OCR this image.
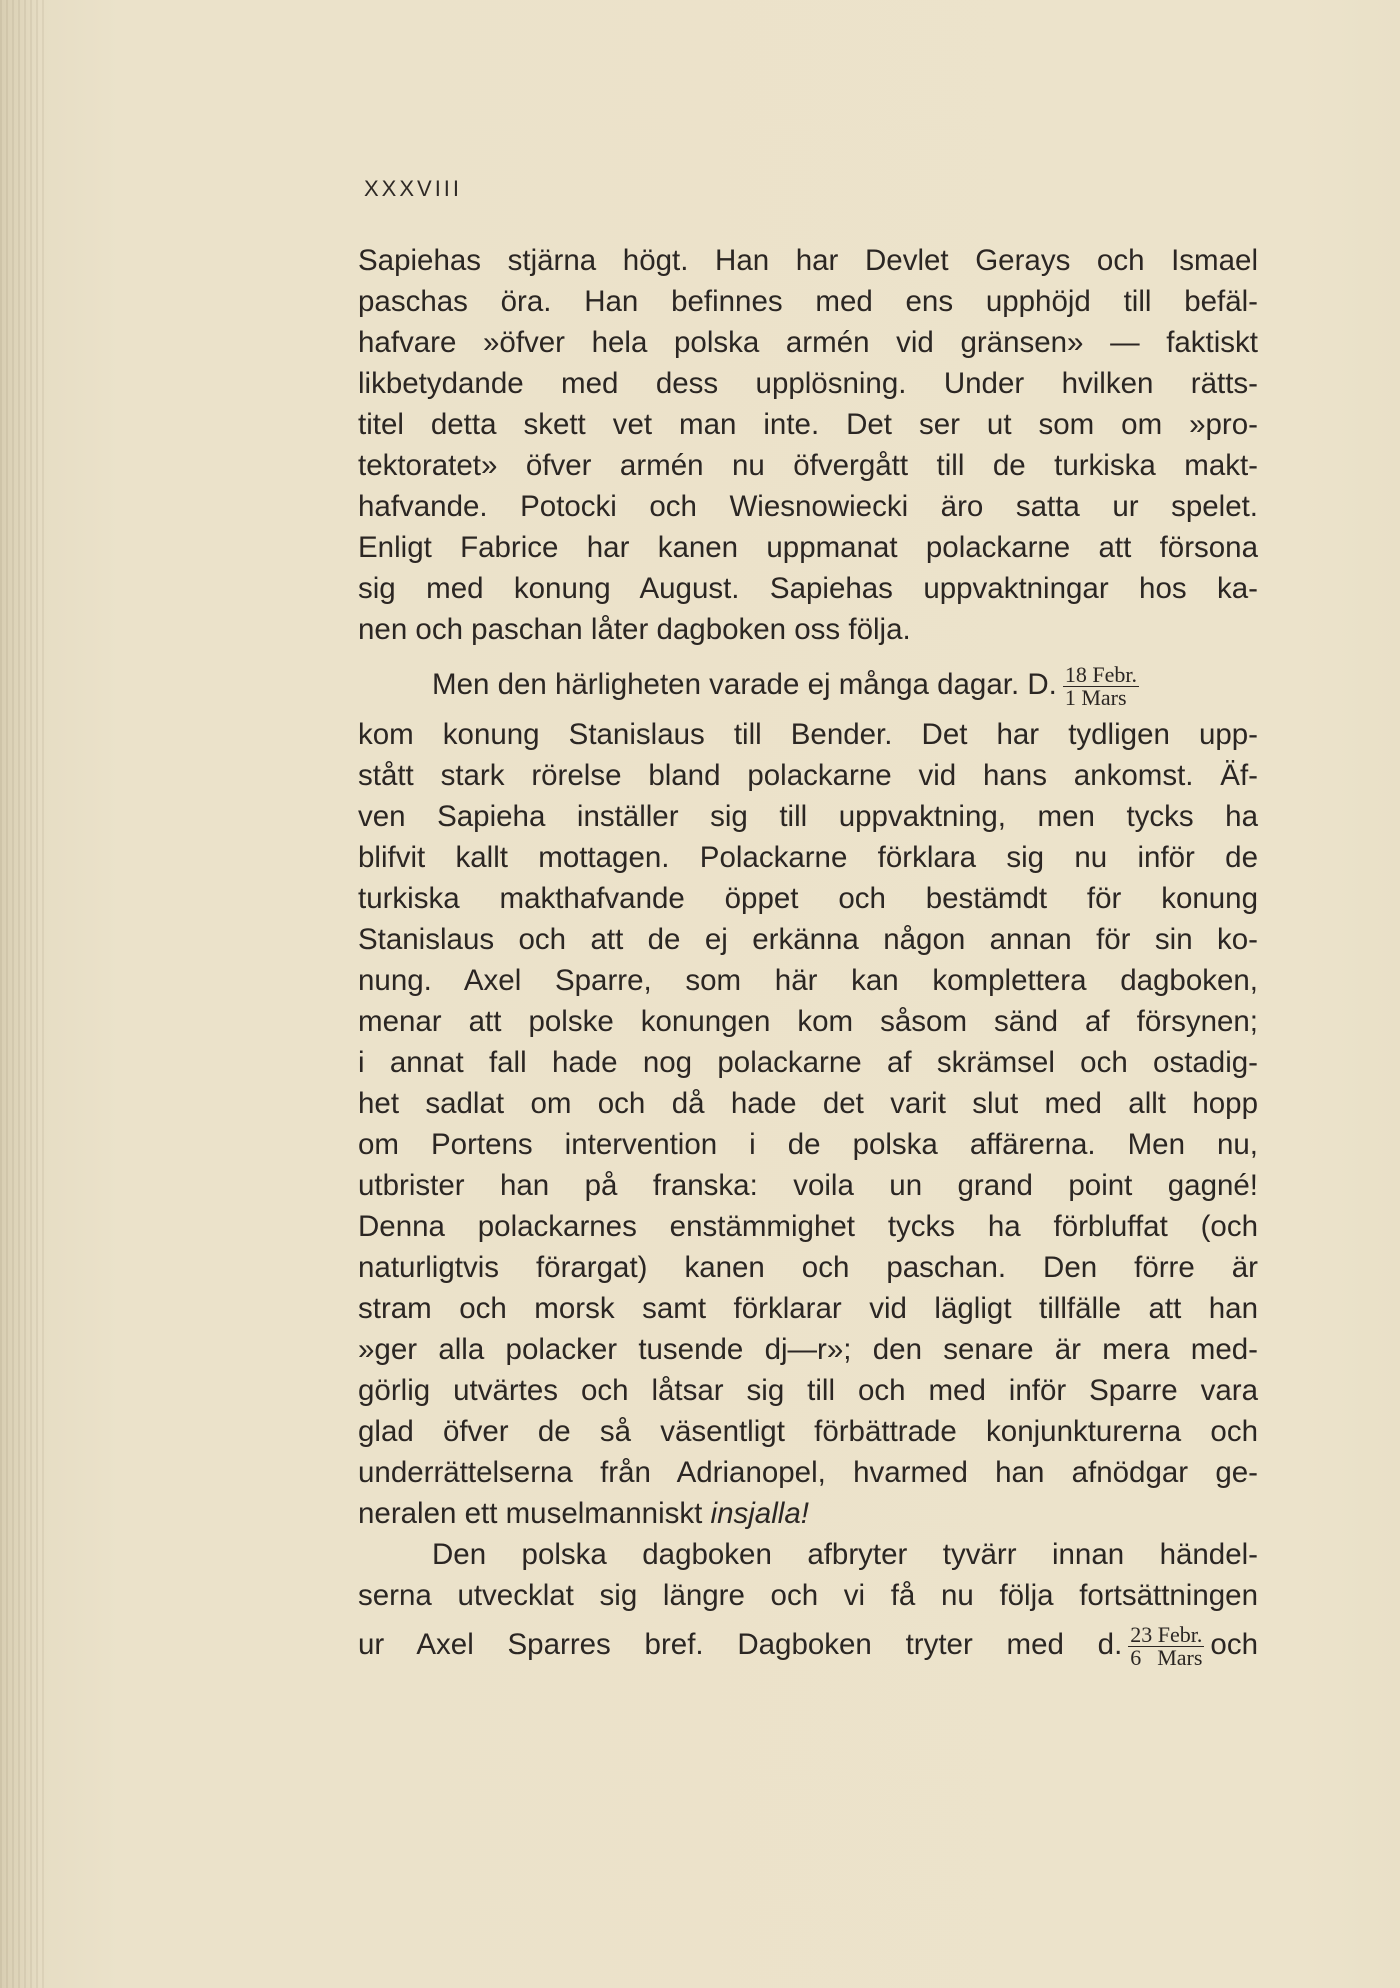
XXXVIII
Sapiehas stjärna högt. Han har Devlet Gerays och Ismael
paschas öra. Han befinnes med ens upphöjd till befäl-
hafvare »öfver hela polska armén vid gränsen» — faktiskt
likbetydande med dess upplösning. Under hvilken rätts-
titel detta skett vet man inte. Det ser ut som om »pro-
tektoratet» öfver armén nu öfvergått till de turkiska makt-
hafvande. Potocki och Wiesnowiecki äro satta ur spelet.
Enligt Fabrice har kanen uppmanat polackarne att försona
sig med konung August. Sapiehas uppvaktningar hos ka-
nen och paschan låter dagboken oss följa.
Men den härligheten varade ej många dagar. D. $\frac{\text{18 Febr.}}{\text{1 Mars}}$
kom konung Stanislaus till Bender. Det har tydligen upp-
stått stark rörelse bland polackarne vid hans ankomst. Äf-
ven Sapieha inställer sig till uppvaktning, men tycks ha
blifvit kallt mottagen. Polackarne förklara sig nu inför de
turkiska makthafvande öppet och bestämdt för konung
Stanislaus och att de ej erkänna någon annan för sin ko-
nung. Axel Sparre, som här kan komplettera dagboken,
menar att polske konungen kom såsom sänd af försynen;
i annat fall hade nog polackarne af skrämsel och ostadig-
het sadlat om och då hade det varit slut med allt hopp
om Portens intervention i de polska affärerna. Men nu,
utbrister han på franska: voila un grand point gagné!
Denna polackarnes enstämmighet tycks ha förbluffat (och
naturligtvis förargat) kanen och paschan. Den förre är
stram och morsk samt förklarar vid lägligt tillfälle att han
»ger alla polacker tusende dj—r»; den senare är mera med-
görlig utvärtes och låtsar sig till och med inför Sparre vara
glad öfver de så väsentligt förbättrade konjunkturerna och
underrättelserna från Adrianopel, hvarmed han afnödgar ge-
neralen ett muselmanniskt insjalla!
Den polska dagboken afbryter tyvärr innan händel-
serna utvecklat sig längre och vi få nu följa fortsättningen
ur Axel Sparres bref. Dagboken tryter med d. $\frac{\text{23 Febr.}}{\text{6 Mars}}$ och
